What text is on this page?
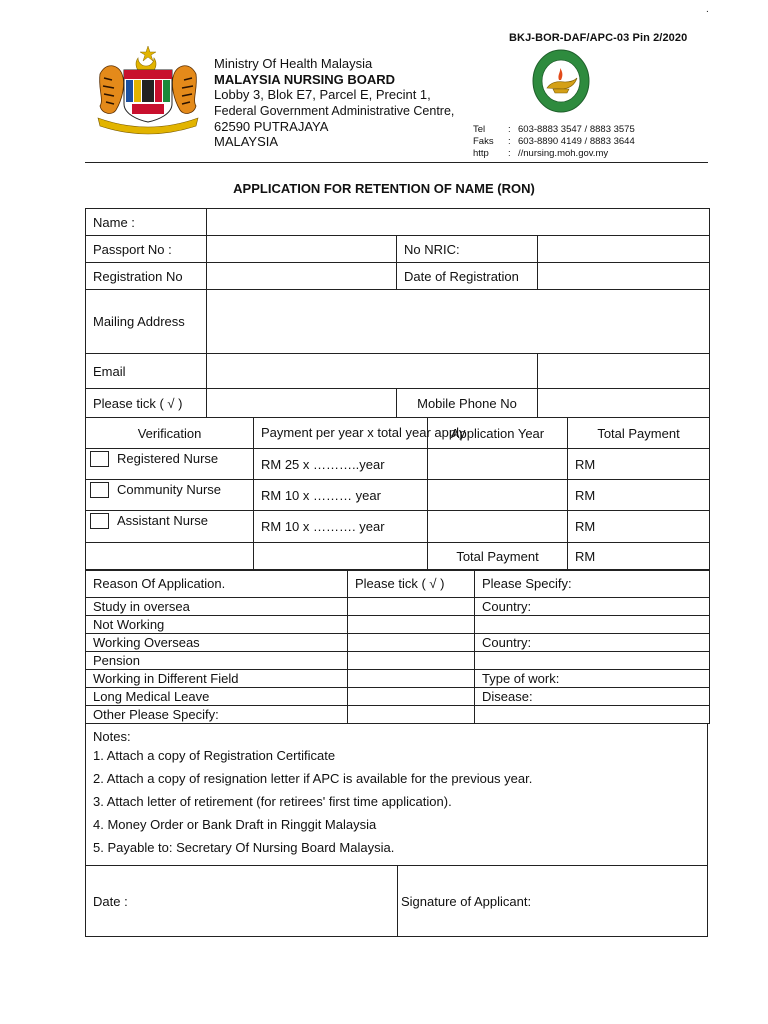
.
BKJ-BOR-DAF/APC-03 Pin 2/2020
Ministry Of Health Malaysia
MALAYSIA NURSING BOARD
Lobby 3, Blok E7, Parcel E, Precint 1,
Federal Government Administrative Centre,
62590 PUTRAJAYA
MALAYSIA
Tel : 603-8883 3547 / 8883 3575
Faks : 603-8890 4149 / 8883 3644
http : //nursing.moh.gov.my
APPLICATION FOR RETENTION OF NAME (RON)
Name :			
Passport No :		No NRIC:	
Registration No		Date of Registration	
Mailing Address			
Email			
Please tick ( √ )		Mobile Phone No	
Verification	Payment per year x total year apply	Application Year	Total Payment
Registered Nurse	RM 25 x ………..year		RM
Community Nurse	RM 10 x ……… year		RM
Assistant Nurse	RM 10 x ………. year		RM
		Total Payment	RM
Reason Of Application.	Please tick ( √ )	Please Specify:
Study in oversea		Country:
Not Working		
Working Overseas		Country:
Pension		
Working in Different Field		Type of work:
Long Medical Leave		Disease:
Other Please Specify:		
Notes:
1. Attach a copy of Registration Certificate
2. Attach a copy of resignation letter if APC is available for the previous year.
3. Attach letter of retirement (for retirees' first time application).
4. Money Order or Bank Draft in Ringgit Malaysia
5. Payable to: Secretary Of Nursing Board Malaysia.
Date :	Signature of Applicant:
